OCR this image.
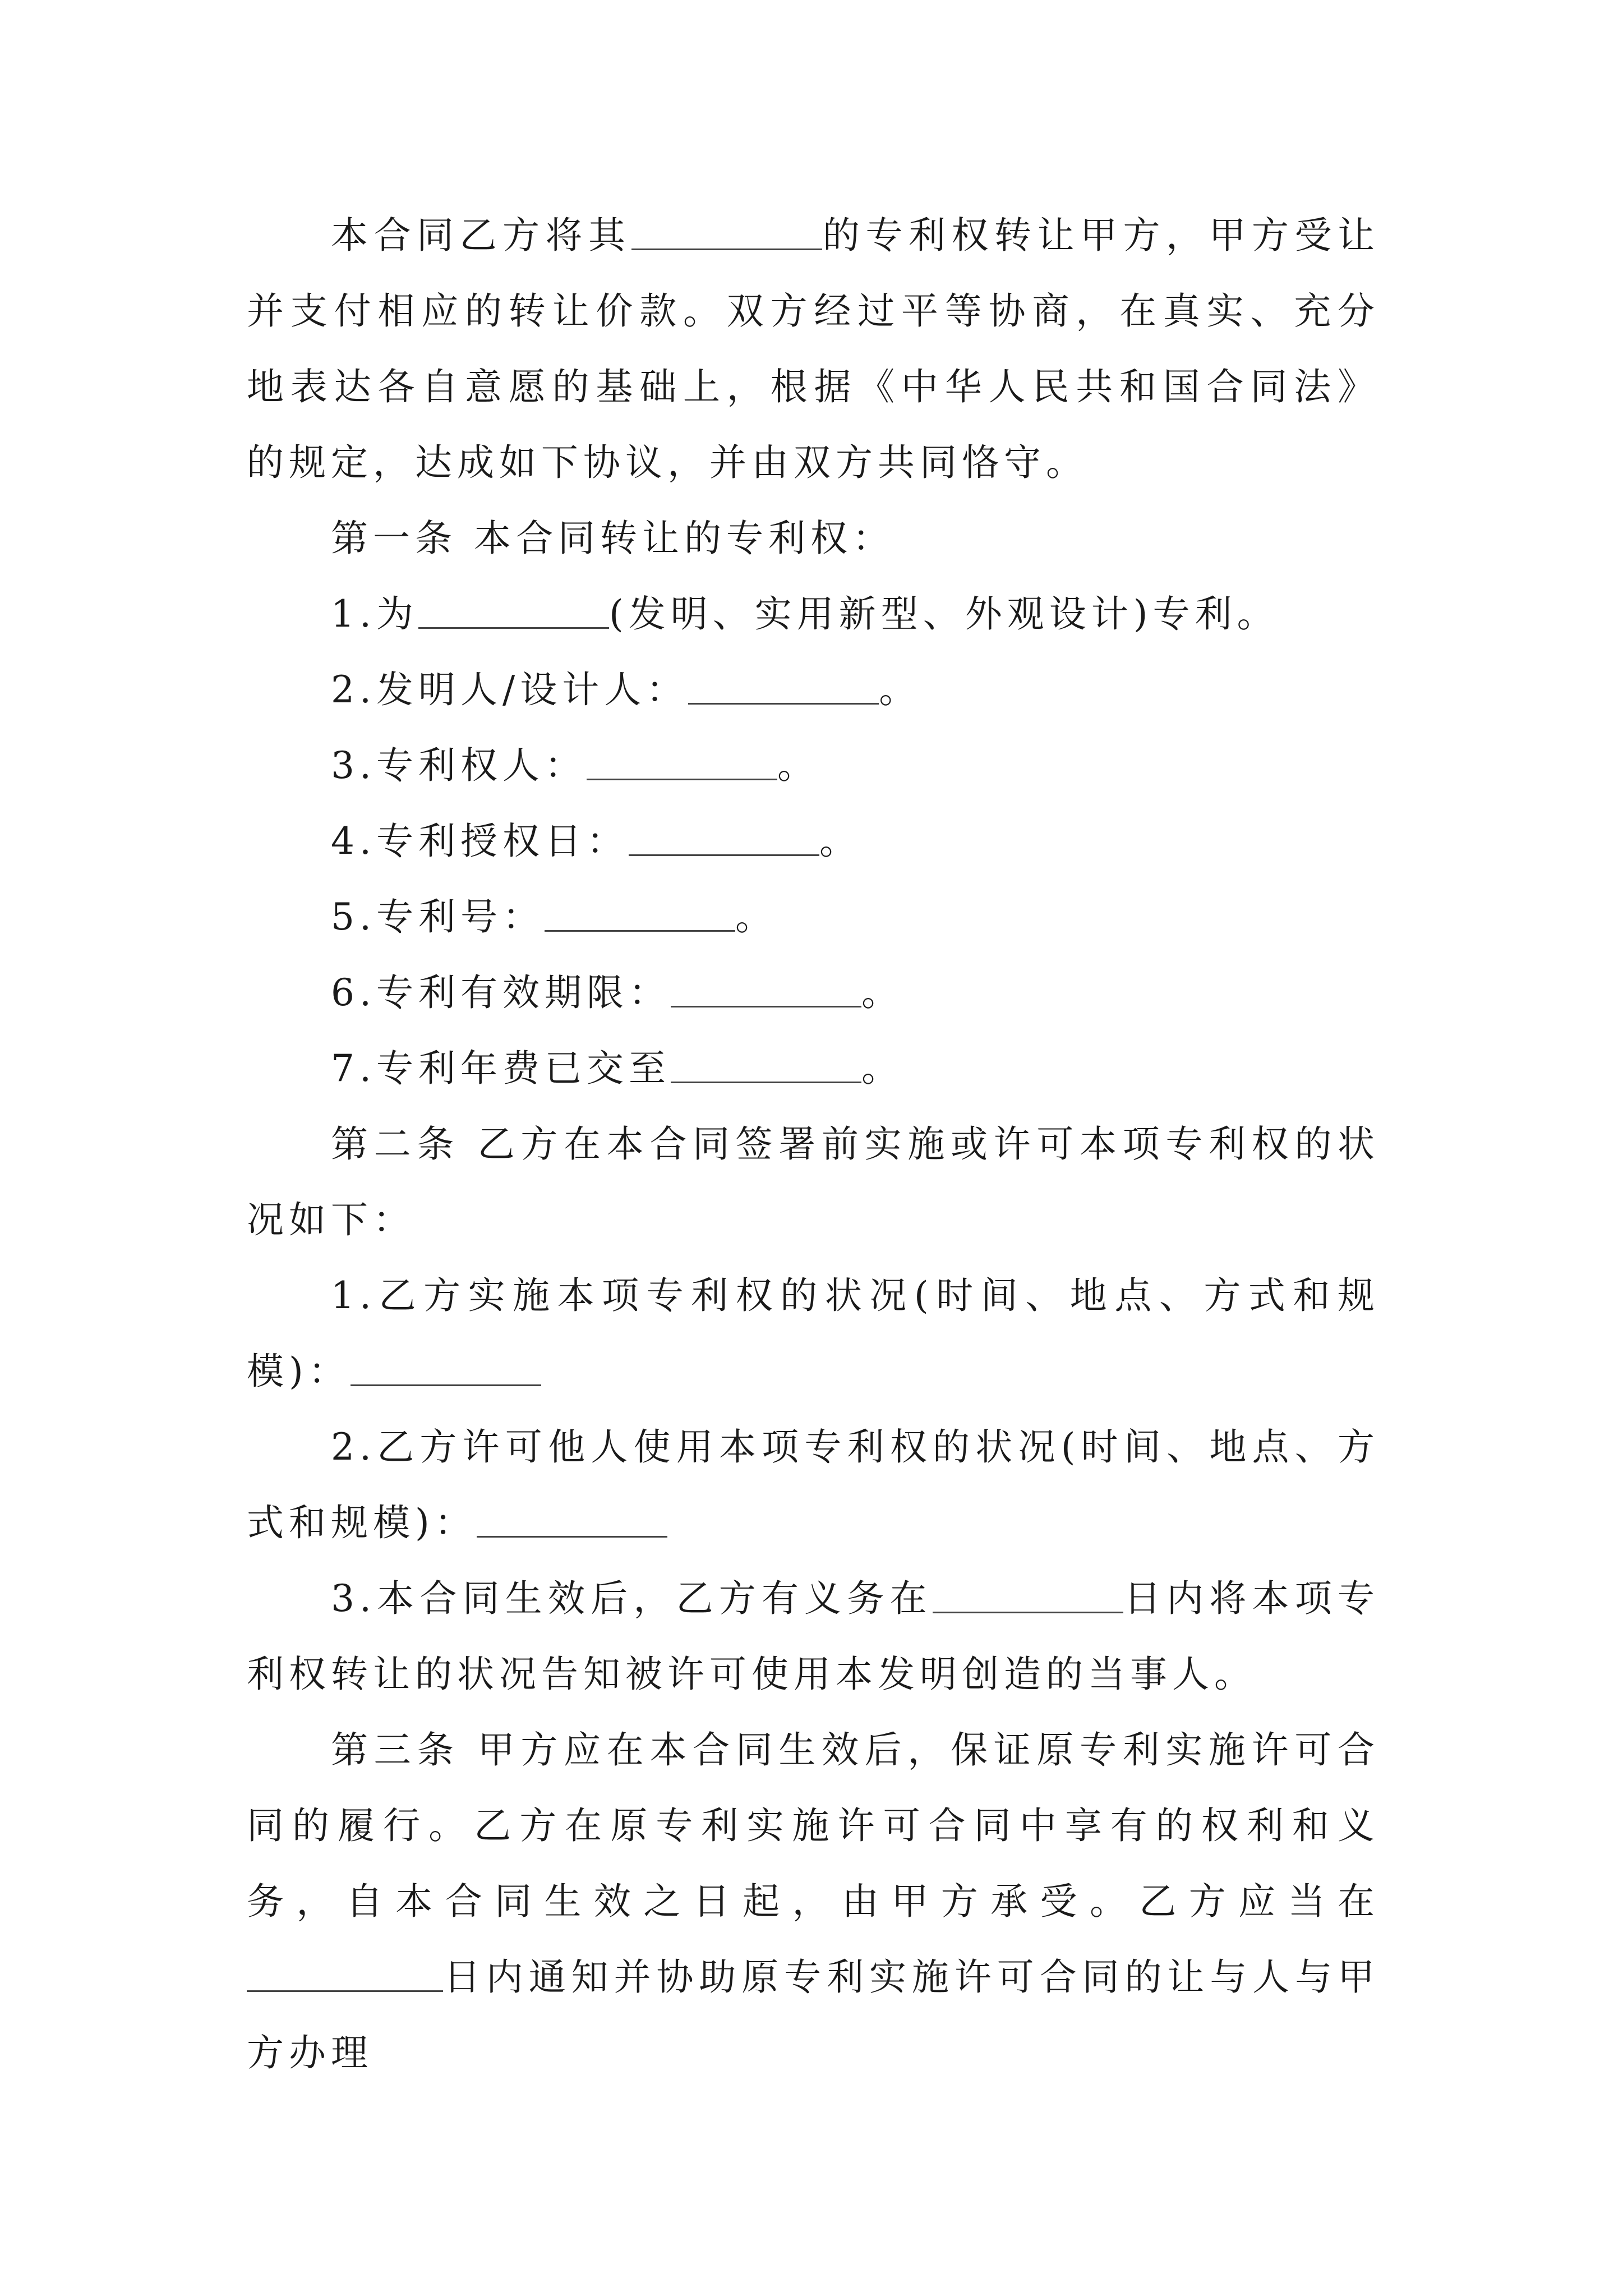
本合同乙方将其	的专利权转让甲方，甲方受让并支付相应的转让价款。双方经过平等协商，在真实、充分地表达各自意愿的基础上，根据《中华人民共和国合同法》的规定，达成如下协议，并由双方共同恪守。

第一条 本合同转让的专利权：

1.为	(发明、实用新型、外观设计)专利。

2.发明人/设计人：	。

3.专利权人：	。

4.专利授权日：	。

5.专利号：	。

6.专利有效期限：	。

7.专利年费已交至	。

第二条 乙方在本合同签署前实施或许可本项专利权的状况如下：

1.乙方实施本项专利权的状况(时间、地点、方式和规模)：

2.乙方许可他人使用本项专利权的状况(时间、地点、方式和规模)：

3.本合同生效后，乙方有义务在	日内将本项专利权转让的状况告知被许可使用本发明创造的当事人。

第三条 甲方应在本合同生效后，保证原专利实施许可合同的履行。乙方在原专利实施许可合同中享有的权利和义务，自本合同生效之日起，由甲方承受。乙方应当在日内通知并协助原专利实施许可合同的让与人与甲方办理
